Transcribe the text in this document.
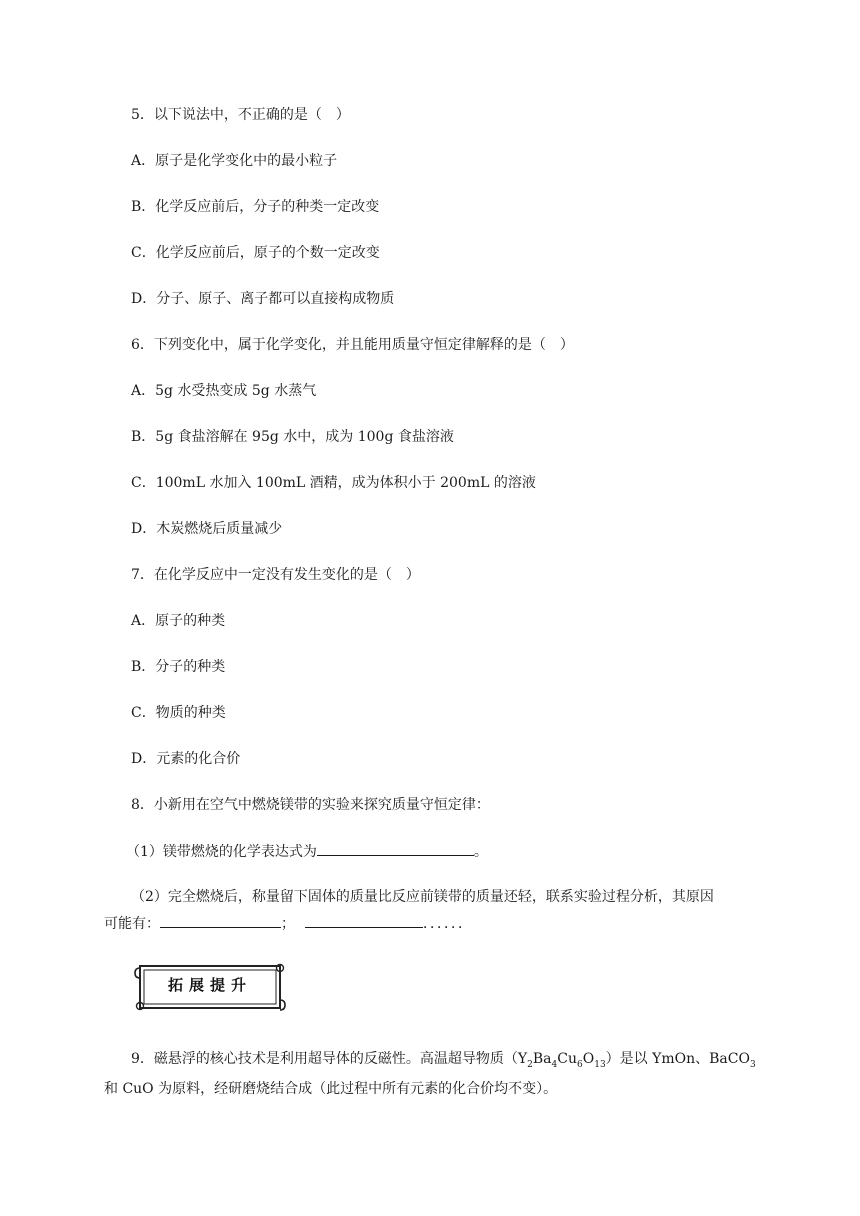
5．以下说法中，不正确的是（　）
A．原子是化学变化中的最小粒子
B．化学反应前后，分子的种类一定改变
C．化学反应前后，原子的个数一定改变
D．分子、原子、离子都可以直接构成物质
6．下列变化中，属于化学变化，并且能用质量守恒定律解释的是（　）
A．5g 水受热变成 5g 水蒸气
B．5g 食盐溶解在 95g 水中，成为 100g 食盐溶液
C．100mL 水加入 100mL 酒精，成为体积小于 200mL 的溶液
D．木炭燃烧后质量减少
7．在化学反应中一定没有发生变化的是（　）
A．原子的种类
B．分子的种类
C．物质的种类
D．元素的化合价
8．小新用在空气中燃烧镁带的实验来探究质量守恒定律：
（1）镁带燃烧的化学表达式为	。
（2）完全燃烧后，称量留下固体的质量比反应前镁带的质量还轻，联系实验过程分析，其原因
可能有：	；	．．．．．．
拓展提升
9．磁悬浮的核心技术是利用超导体的反磁性。高温超导物质$(Y_2Ba_4Cu_6O_{13})$是以 YmOn、BaCO$_3$和 CuO 为原料，经研磨烧结合成（此过程中所有元素的化合价均不变）。
